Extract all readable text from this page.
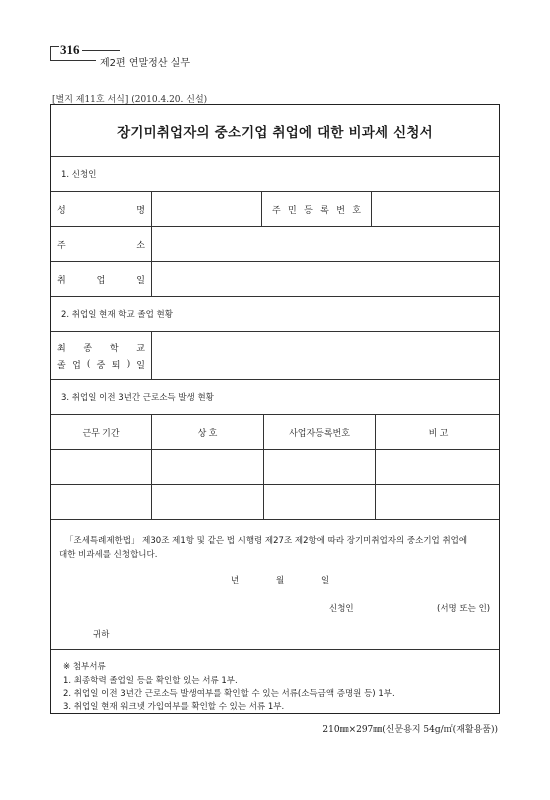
316
제2편 연말정산 실무
[별지 제11호 서식] (2010.4.20. 신설)
장기미취업자의 중소기업 취업에 대한 비과세 신청서
1. 신청인
성	명	주 민 등 록 번 호
주	소
취	업	일
2. 취업일 현재 학교 졸업 현황
최 종 학 교
졸 업 ( 중 퇴 ) 일
3. 취업일 이전 3년간 근로소득 발생 현황
근무 기간	상 호	사업자등록번호	비 고
「조세특례제한법」 제30조 제1항 및 같은 법 시행령 제27조 제2항에 따라 장기미취업자의 중소기업 취업에
대한 비과세를 신청합니다.
년	월	일
신청인	(서명 또는 인)
귀하
※ 첨부서류
1. 최종학력 졸업일 등을 확인할 있는 서류 1부.
2. 취업일 이전 3년간 근로소득 발생여부를 확인할 수 있는 서류(소득금액 증명원 등) 1부.
3. 취업일 현재 워크넷 가입여부를 확인할 수 있는 서류 1부.
210㎜×297㎜(신문용지 54g/㎡(재활용품))
